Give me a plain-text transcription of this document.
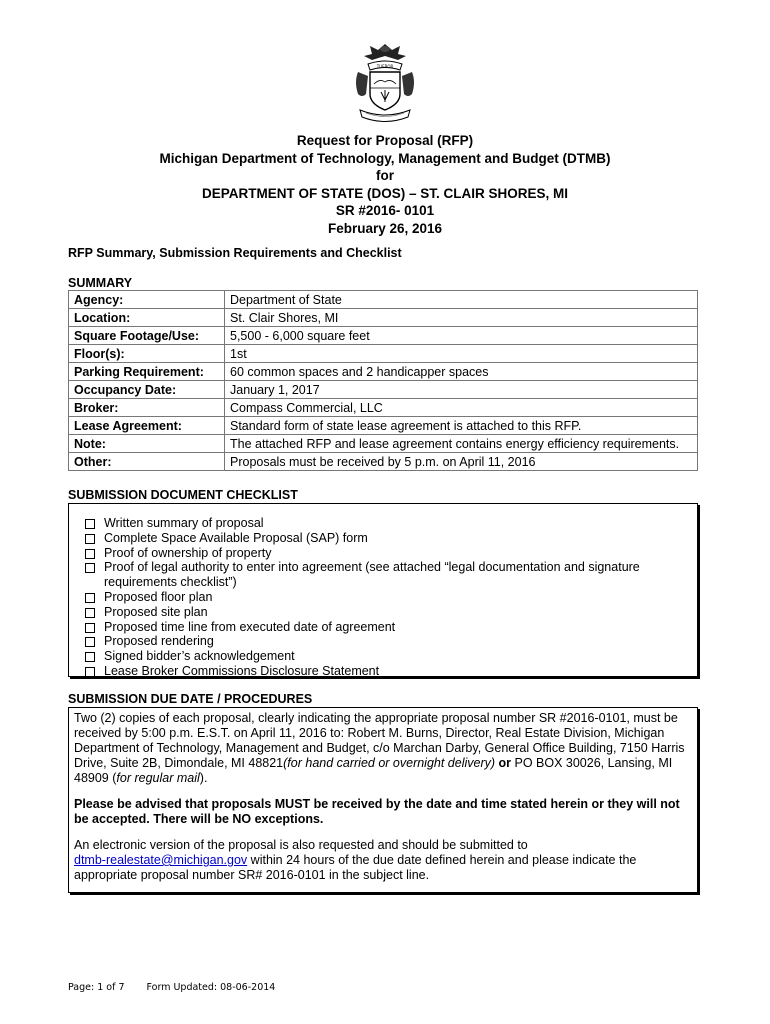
TUEBOR
Request for Proposal (RFP)
Michigan Department of Technology, Management and Budget (DTMB)
for
DEPARTMENT OF STATE (DOS) – ST. CLAIR SHORES, MI
SR #2016- 0101
February 26, 2016
RFP Summary, Submission Requirements and Checklist
SUMMARY
Agency:	Department of State
Location:	St. Clair Shores, MI
Square Footage/Use:	5,500 - 6,000 square feet
Floor(s):	1st
Parking Requirement:	60 common spaces and 2 handicapper spaces
Occupancy Date:	January 1, 2017
Broker:	Compass Commercial, LLC
Lease Agreement:	Standard form of state lease agreement is attached to this RFP.
Note:	The attached RFP and lease agreement contains energy efficiency requirements.
Other:	Proposals must be received by 5 p.m. on April 11, 2016
SUBMISSION DOCUMENT CHECKLIST
Written summary of proposal
Complete Space Available Proposal (SAP) form
Proof of ownership of property
Proof of legal authority to enter into agreement (see attached “legal documentation and signature requirements checklist”)
Proposed floor plan
Proposed site plan
Proposed time line from executed date of agreement
Proposed rendering
Signed bidder’s acknowledgement
Lease Broker Commissions Disclosure Statement
SUBMISSION DUE DATE / PROCEDURES

Two (2) copies of each proposal, clearly indicating the appropriate proposal number SR #2016-0101, must be received by 5:00 p.m. E.S.T. on April 11, 2016 to: Robert M. Burns, Director, Real Estate Division, Michigan Department of Technology, Management and Budget, c/o Marchan Darby, General Office Building, 7150 Harris Drive, Suite 2B, Dimondale, MI 48821(for hand carried or overnight delivery) or PO BOX 30026, Lansing, MI 48909 (for regular mail).

Please be advised that proposals MUST be received by the date and time stated herein or they will not be accepted. There will be NO exceptions.

An electronic version of the proposal is also requested and should be submitted to
dtmb-realestate@michigan.gov within 24 hours of the due date defined herein and please indicate the appropriate proposal number SR# 2016-0101 in the subject line.

Page: 1 of 7 Form Updated: 08-06-2014
